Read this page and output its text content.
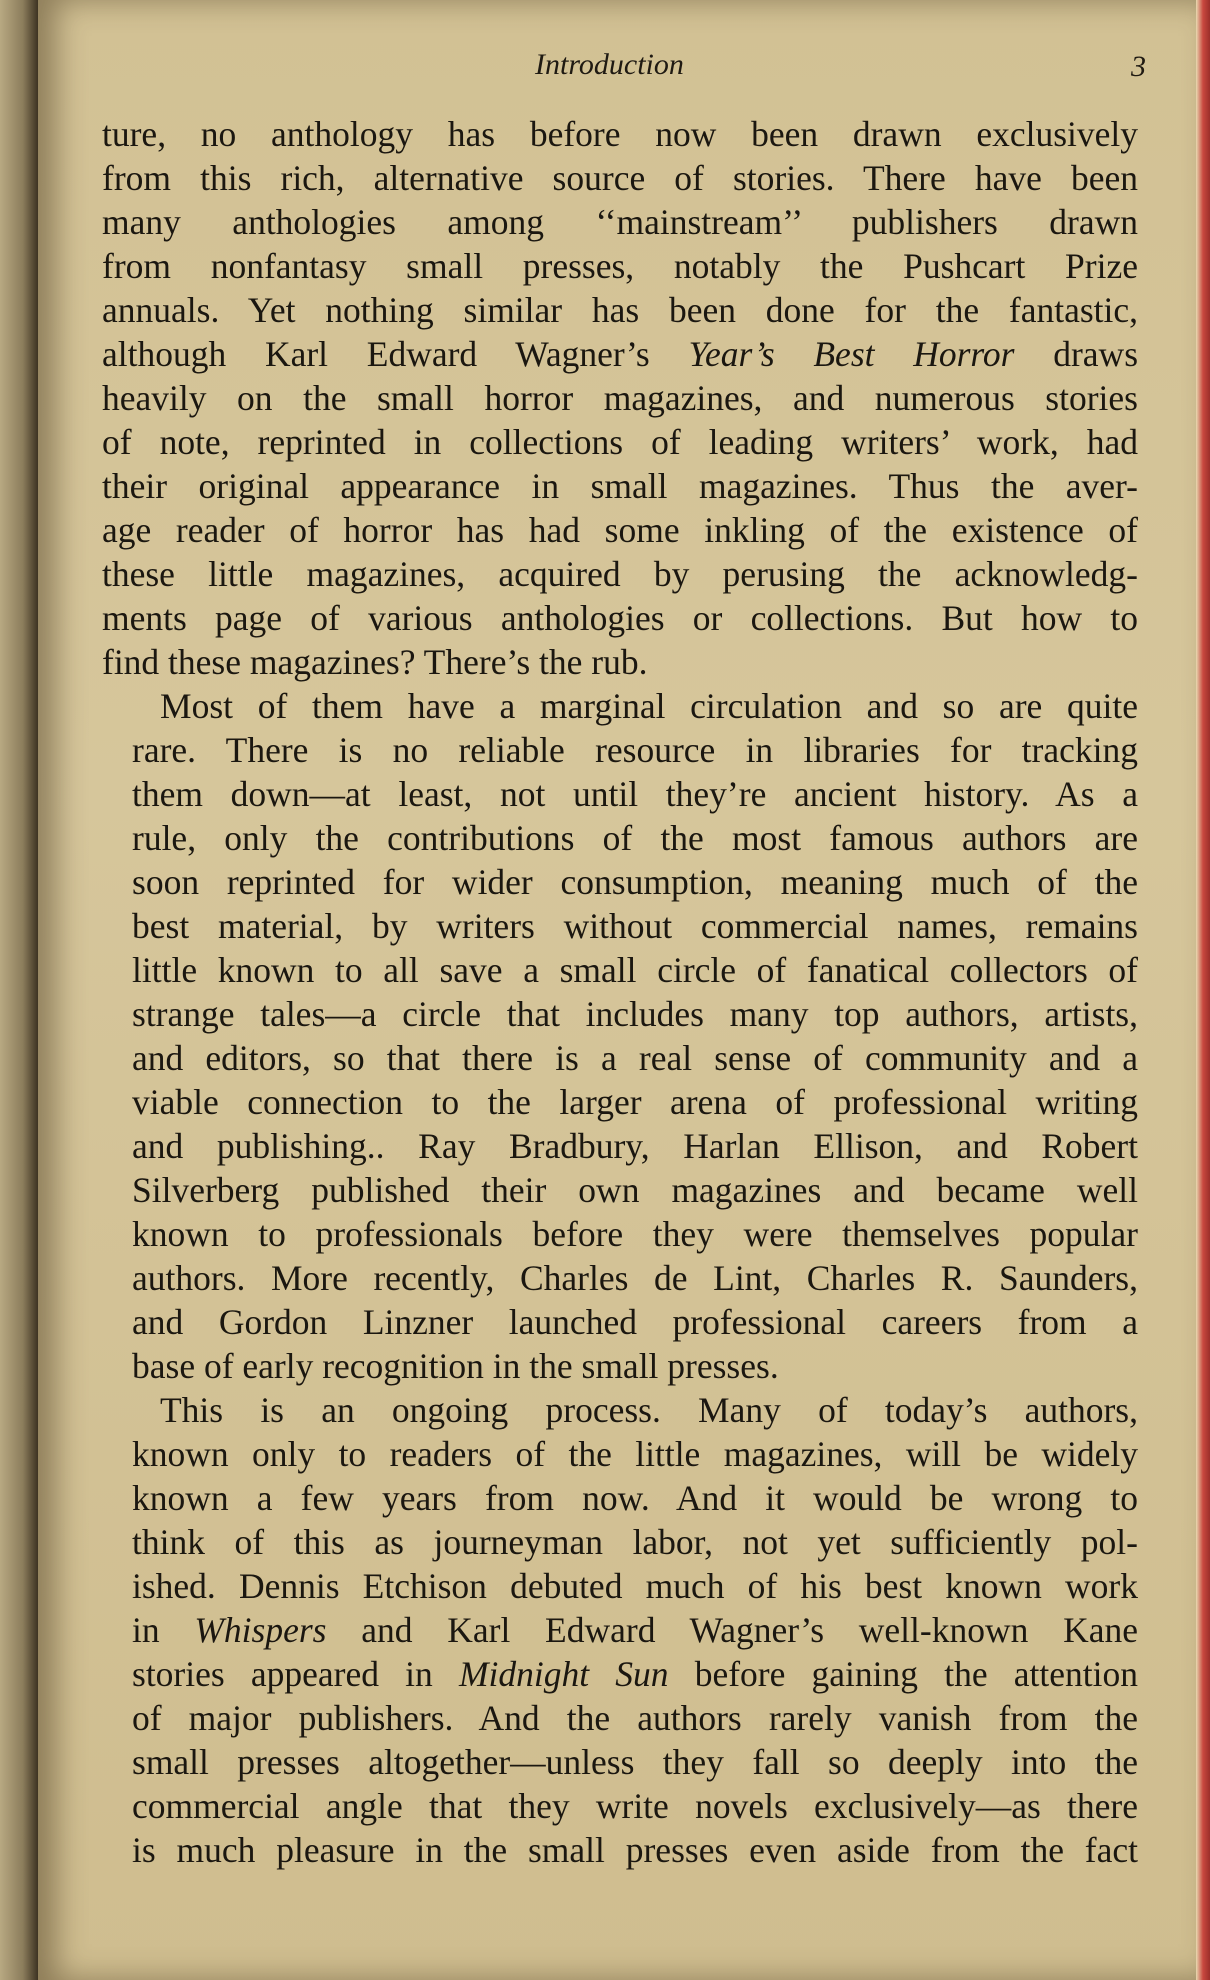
Introduction	3
ture, no anthology has before now been drawn exclusively
from this rich, alternative source of stories. There have been
many anthologies among ‘‘mainstream’’ publishers drawn
from nonfantasy small presses, notably the Pushcart Prize
annuals. Yet nothing similar has been done for the fantastic,
although Karl Edward Wagner’s Year’s Best Horror draws
heavily on the small horror magazines, and numerous stories
of note, reprinted in collections of leading writers’ work, had
their original appearance in small magazines. Thus the aver-
age reader of horror has had some inkling of the existence of
these little magazines, acquired by perusing the acknowledg-
ments page of various anthologies or collections. But how to
find these magazines? There’s the rub.
Most of them have a marginal circulation and so are quite
rare. There is no reliable resource in libraries for tracking
them down—at least, not until they’re ancient history. As a
rule, only the contributions of the most famous authors are
soon reprinted for wider consumption, meaning much of the
best material, by writers without commercial names, remains
little known to all save a small circle of fanatical collectors of
strange tales—a circle that includes many top authors, artists,
and editors, so that there is a real sense of community and a
viable connection to the larger arena of professional writing
and publishing.. Ray Bradbury, Harlan Ellison, and Robert
Silverberg published their own magazines and became well
known to professionals before they were themselves popular
authors. More recently, Charles de Lint, Charles R. Saunders,
and Gordon Linzner launched professional careers from a
base of early recognition in the small presses.
This is an ongoing process. Many of today’s authors,
known only to readers of the little magazines, will be widely
known a few years from now. And it would be wrong to
think of this as journeyman labor, not yet sufficiently pol-
ished. Dennis Etchison debuted much of his best known work
in Whispers and Karl Edward Wagner’s well-known Kane
stories appeared in Midnight Sun before gaining the attention
of major publishers. And the authors rarely vanish from the
small presses altogether—unless they fall so deeply into the
commercial angle that they write novels exclusively—as there
is much pleasure in the small presses even aside from the fact
